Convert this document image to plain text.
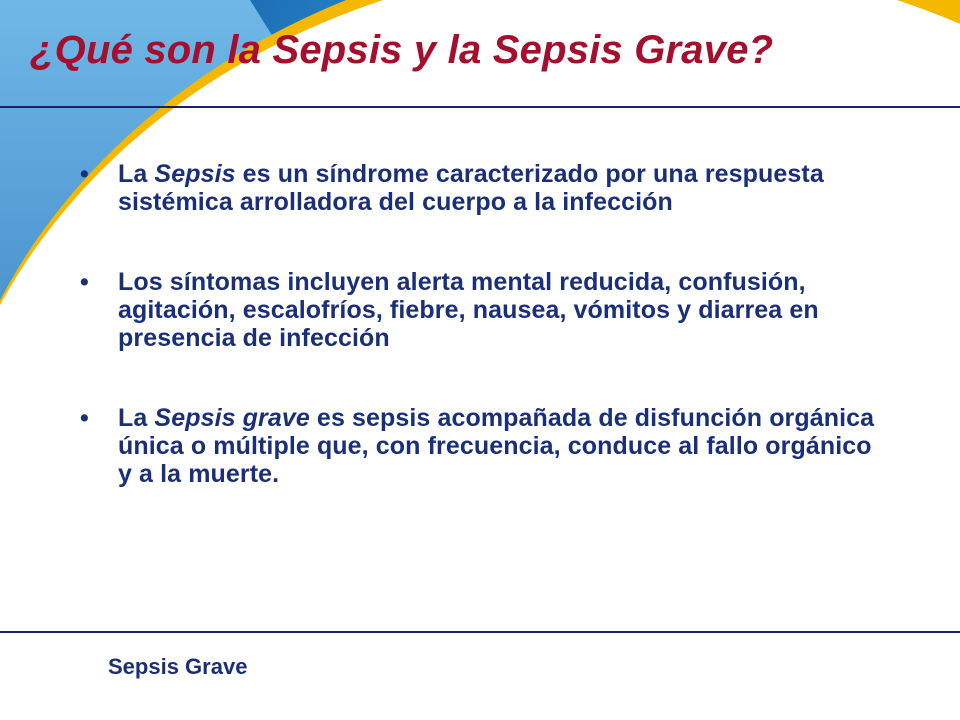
¿Qué son la Sepsis y la Sepsis Grave?
• La Sepsis es un síndrome caracterizado por una respuesta sistémica arrolladora del cuerpo a la infección
• Los síntomas incluyen alerta mental reducida, confusión, agitación, escalofríos, fiebre, nausea, vómitos y diarrea en presencia de infección
• La Sepsis grave es sepsis acompañada de disfunción orgánica única o múltiple que, con frecuencia, conduce al fallo orgánico y a la muerte.
Sepsis Grave
